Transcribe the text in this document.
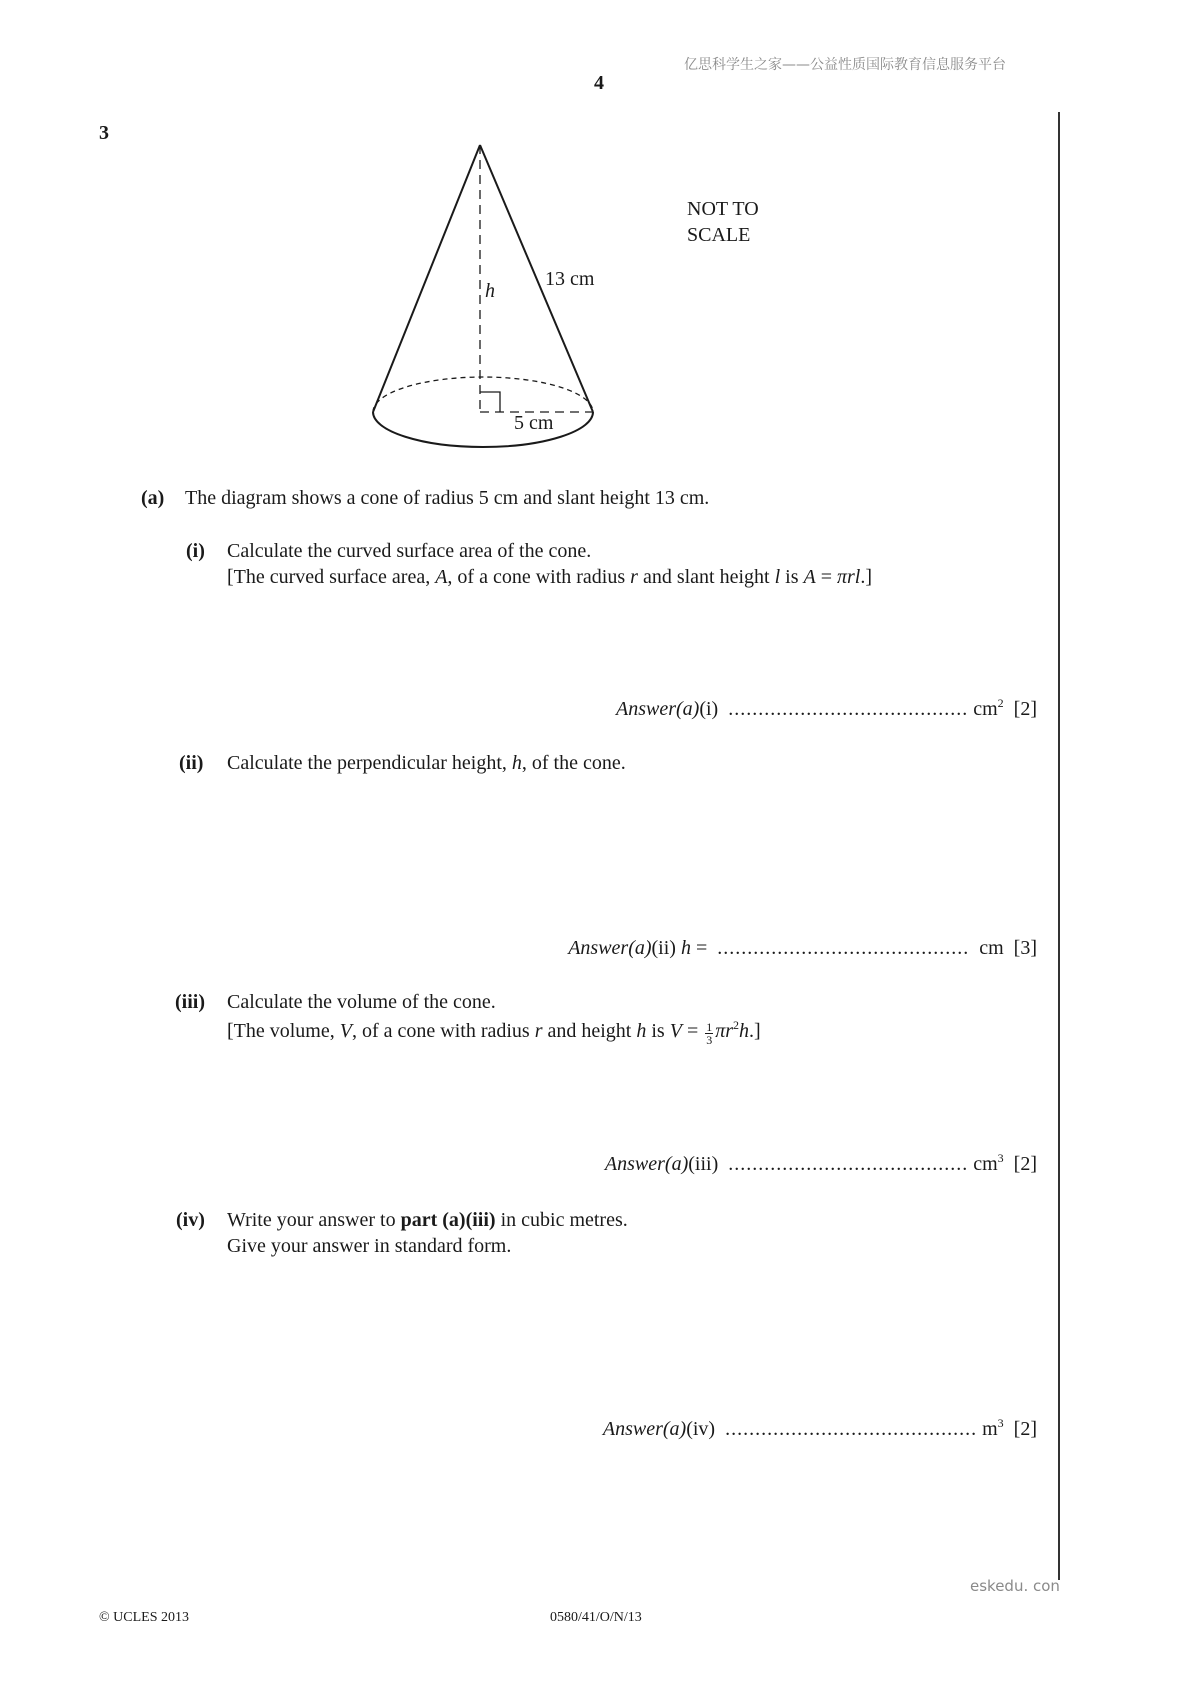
亿思科学生之家——公益性质国际教育信息服务平台
4
3
13 cm
h
5 cm
NOT TO
SCALE
(a) The diagram shows a cone of radius 5 cm and slant height 13 cm.
(i) Calculate the curved surface area of the cone.
[The curved surface area, A, of a cone with radius r and slant height l is A = πrl.]
Answer(a)(i) ........................................ $cm^2$ [2]
(ii) Calculate the perpendicular height, h, of the cone.
Answer(a)(ii) h = .......................................... cm [3]
(iii) Calculate the volume of the cone.
[The volume, V, of a cone with radius r and height h is $V = \frac{1}{3} \pi r^2h$.]
Answer(a)(iii) ........................................ $cm^3$ [2]
(iv) Write your answer to part (a)(iii) in cubic metres.
Give your answer in standard form.
Answer(a)(iv) .......................................... $m^3$ [2]
eskedu. con
© UCLES 2013	0580/41/O/N/13
